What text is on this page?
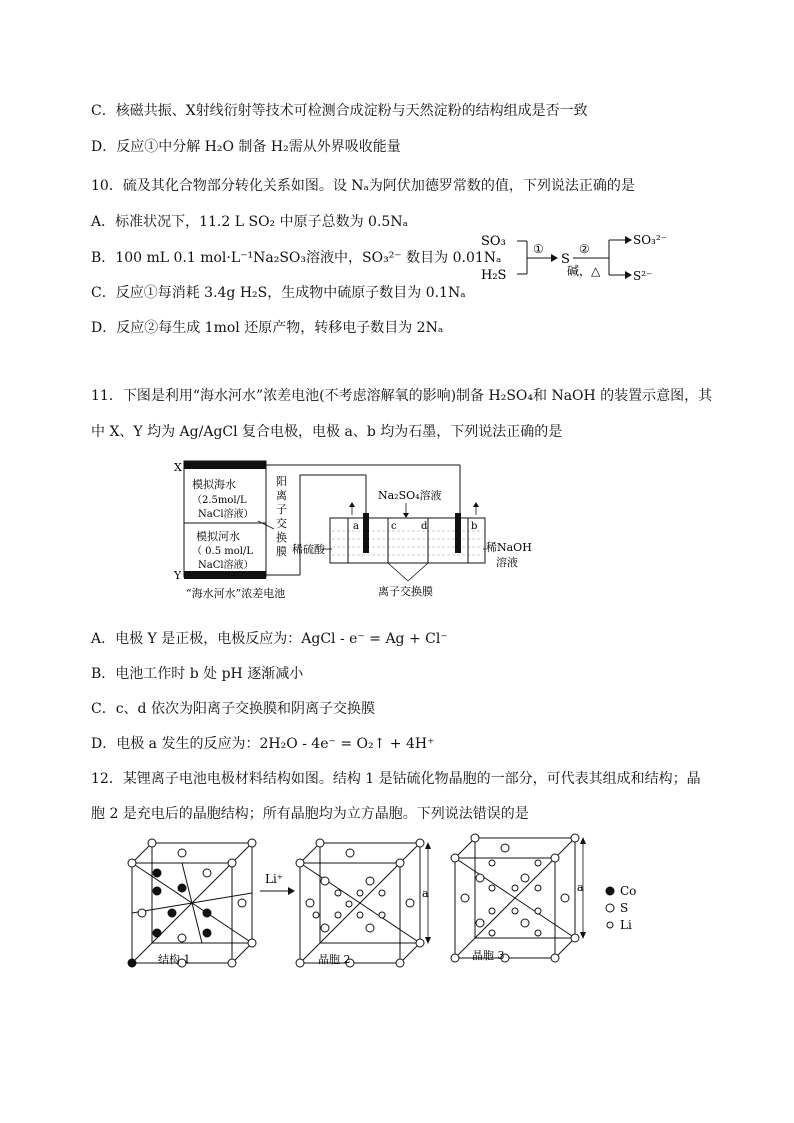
C．核磁共振、X射线衍射等技术可检测合成淀粉与天然淀粉的结构组成是否一致
D．反应①中分解 H₂O 制备 H₂需从外界吸收能量
10．硫及其化合物部分转化关系如图。设 Nₐ为阿伏加德罗常数的值，下列说法正确的是
A．标准状况下，11.2 L SO₂ 中原子总数为 0.5Nₐ
B．100 mL 0.1 mol·L⁻¹Na₂SO₃溶液中，SO₃²⁻ 数目为 0.01Nₐ
C．反应①每消耗 3.4g H₂S，生成物中硫原子数目为 0.1Nₐ
D．反应②每生成 1mol 还原产物，转移电子数目为 2Nₐ
SO₃
H₂S
①
S
②
碱，△
SO₃²⁻
S²⁻
11．下图是利用“海水河水”浓差电池(不考虑溶解氧的影响)制备 H₂SO₄和 NaOH 的装置示意图，其
中 X、Y 均为 Ag/AgCl 复合电极，电极 a、b 均为石墨，下列说法正确的是
X
模拟海水
（2.5mol/L
NaCl溶液）
模拟河水
（ 0.5 mol/L
NaCl溶液）
Y
阳
离
子
交
换
膜
a	c d	b
Na₂SO₄溶液
稀硫酸	稀NaOH
溶液
离子交换膜
“海水河水”浓差电池
A．电极 Y 是正极，电极反应为：AgCl - e⁻ = Ag + Cl⁻
B．电池工作时 b 处 pH 逐渐减小
C．c、d 依次为阳离子交换膜和阴离子交换膜
D．电极 a 发生的反应为：2H₂O - 4e⁻ = O₂↑ + 4H⁺
12．某锂离子电池电极材料结构如图。结构 1 是钴硫化物晶胞的一部分，可代表其组成和结构；晶
胞 2 是充电后的晶胞结构；所有晶胞均为立方晶胞。下列说法错误的是
结构 1
Li⁺
a
晶胞 2
a
晶胞 3
Co
S
Li
